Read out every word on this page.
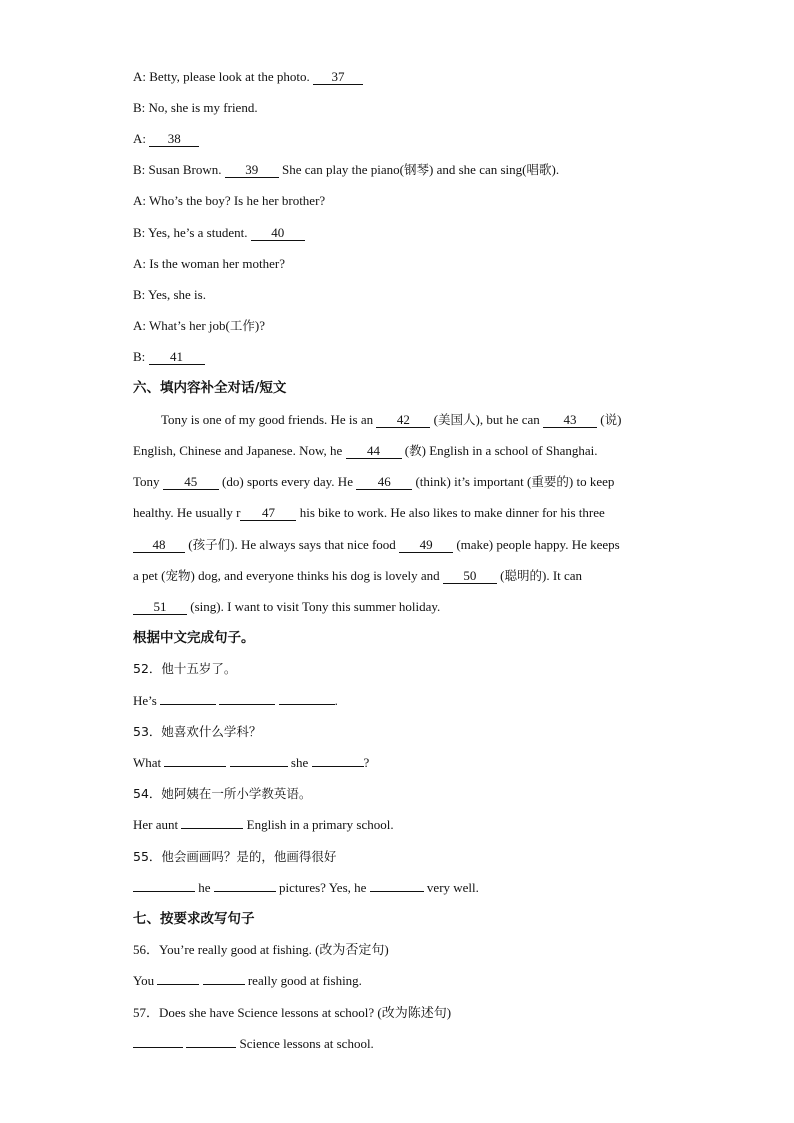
A: Betty, please look at the photo. 37
B: No, she is my friend.
A: 38
B: Susan Brown. 39 She can play the piano(钢琴) and she can sing(唱歌).
A: Who’s the boy? Is he her brother?
B: Yes, he’s a student. 40
A: Is the woman her mother?
B: Yes, she is.
A: What’s her job(工作)?
B: 41
六、填内容补全对话/短文
Tony is one of my good friends. He is an 42 (美国人), but he can 43 (说)
English, Chinese and Japanese. Now, he 44 (教) English in a school of Shanghai.
Tony 45 (do) sports every day. He 46 (think) it’s important (重要的) to keep
healthy. He usually r 47 his bike to work. He also likes to make dinner for his three
48 (孩子们). He always says that nice food 49 (make) people happy. He keeps
a pet (宠物) dog, and everyone thinks his dog is lovely and 50 (聪明的). It can
51 (sing). I want to visit Tony this summer holiday.
根据中文完成句子。
52．他十五岁了。
He’s	.
53．她喜欢什么学科？
What	she	?
54．她阿姨在一所小学教英语。
Her aunt	English in a primary school.
55．他会画画吗？是的，他画得很好
he	pictures? Yes, he	very well.
七、按要求改写句子
56．You’re really good at fishing. (改为否定句)
You	really good at fishing.
57．Does she have Science lessons at school? (改为陈述句)
Science lessons at school.
